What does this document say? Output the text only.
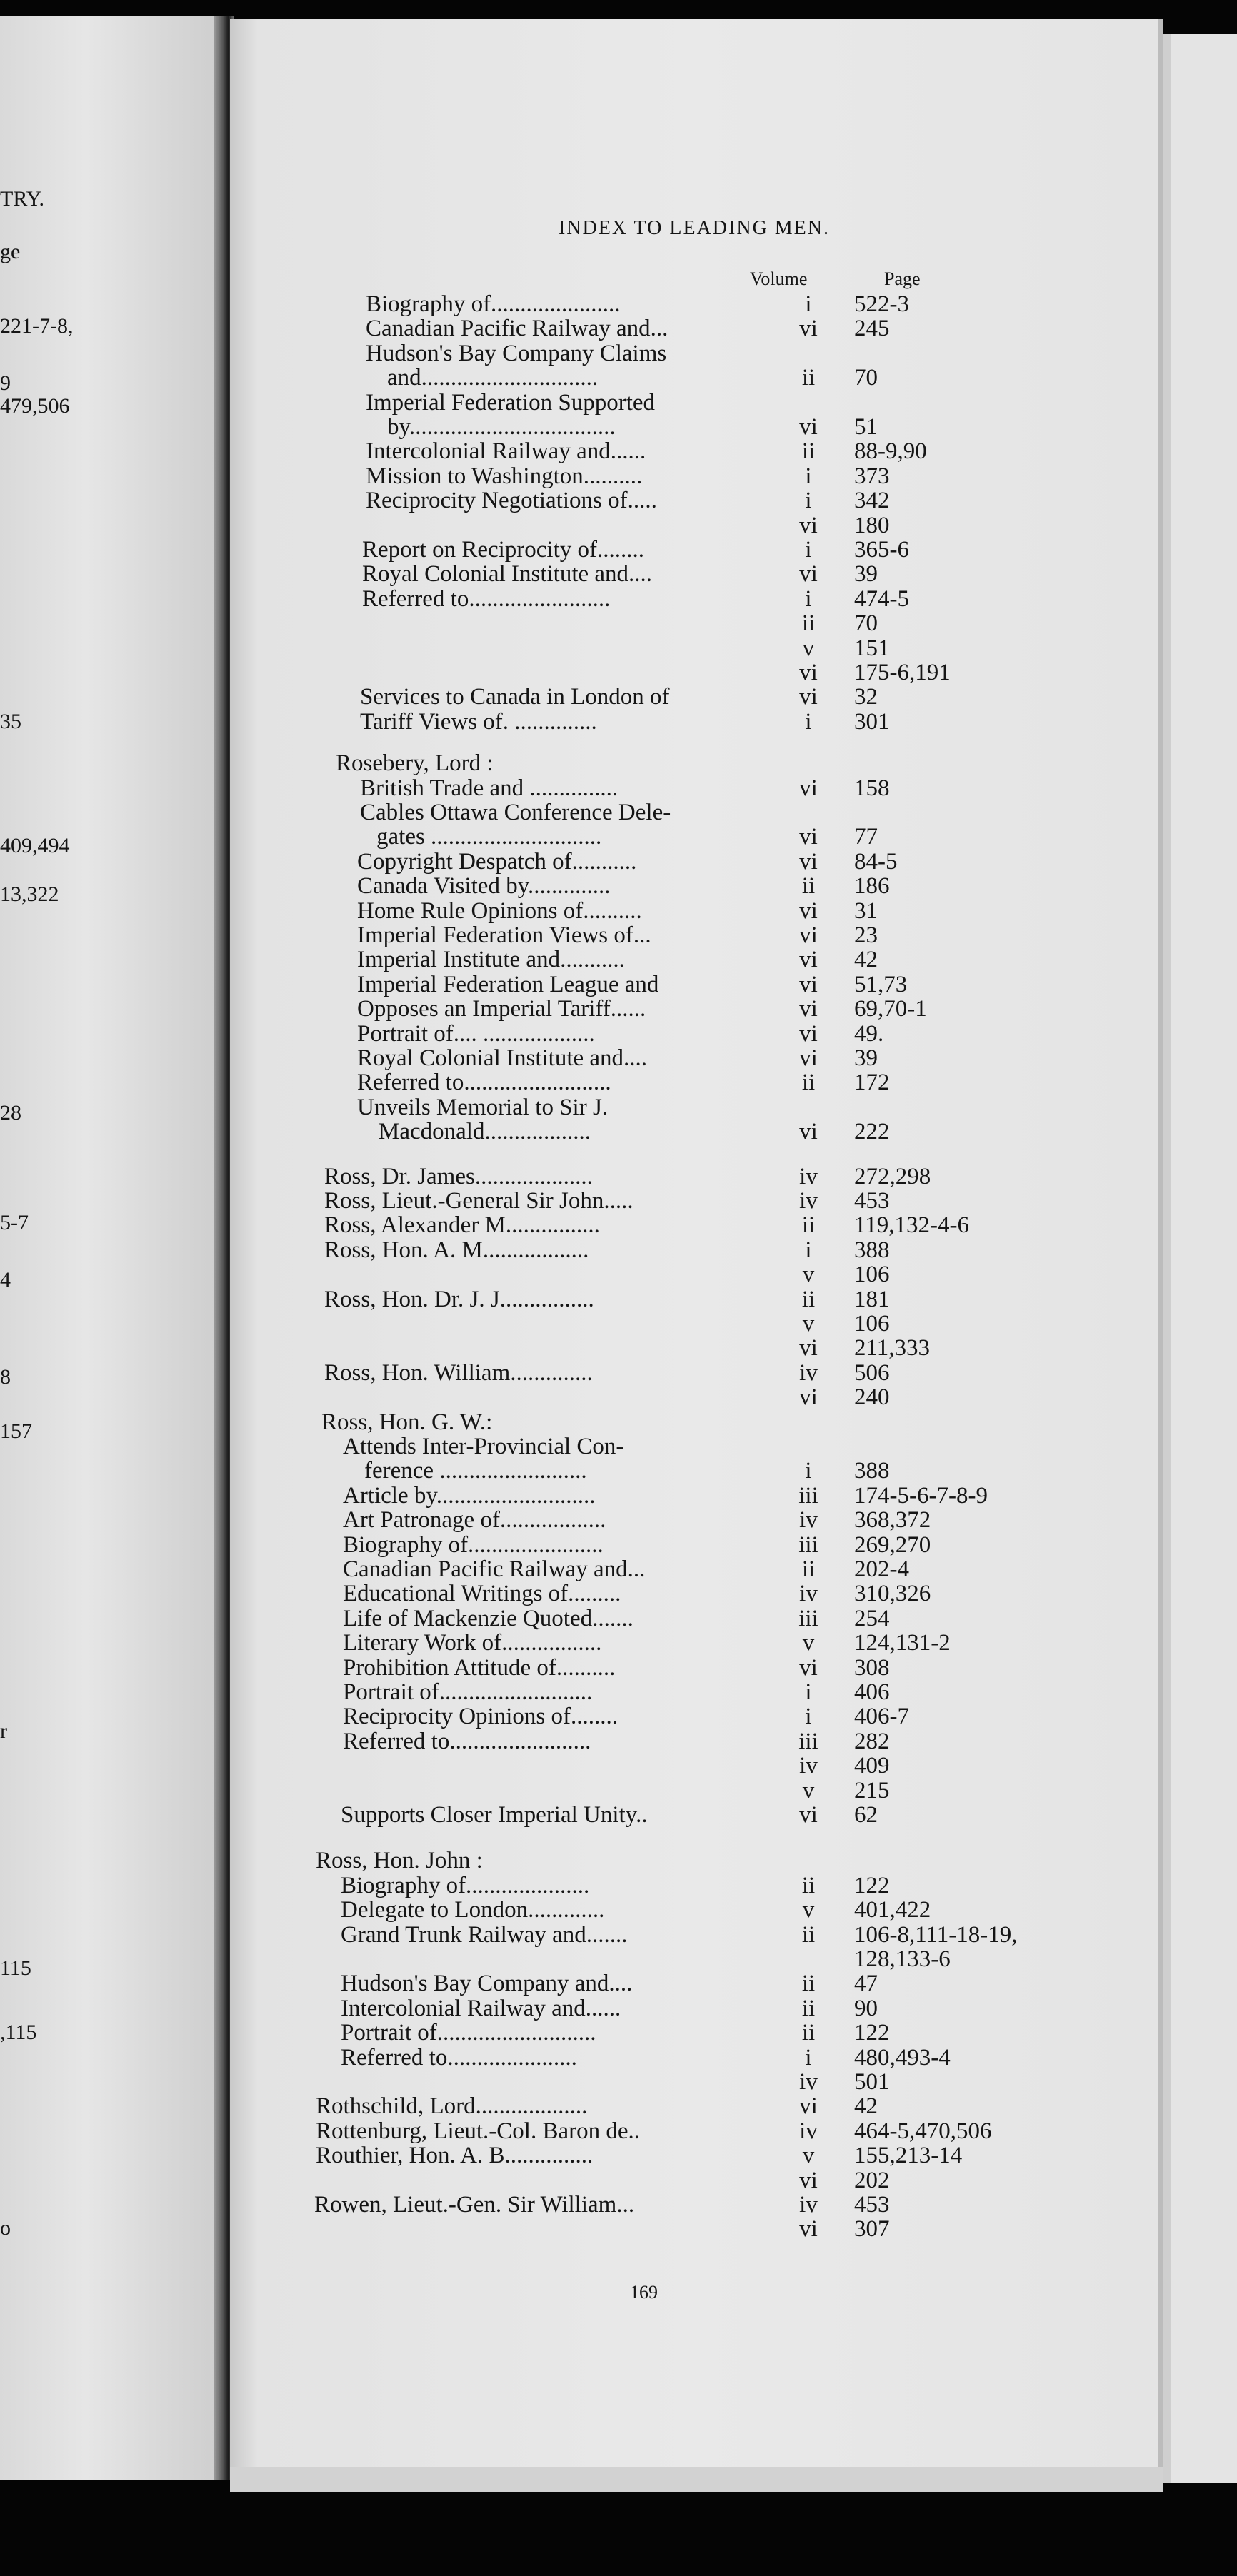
TRY.
ge
221-7-8,
9
479,506
35
409,494
13,322
28
5-7
4
8
157
r
115
,115
o
INDEX TO LEADING MEN.
Volume	Page
Biography of......................	i	522-3
Canadian Pacific Railway and...	vi	245
Hudson's Bay Company Claims
and..............................	ii	70
Imperial Federation Supported
by...................................	vi	51
Intercolonial Railway and......	ii	88-9,90
Mission to Washington..........	i	373
Reciprocity Negotiations of.....	i	342
vi	180
Report on Reciprocity of........	i	365-6
Royal Colonial Institute and....	vi	39
Referred to........................	i	474-5
ii	70
v	151
vi	175-6,191
Services to Canada in London of	vi	32
Tariff Views of. ..............	i	301
Rosebery, Lord :
British Trade and ...............	vi	158
Cables Ottawa Conference Dele-
gates .............................	vi	77
Copyright Despatch of...........	vi	84-5
Canada Visited by..............	ii	186
Home Rule Opinions of..........	vi	31
Imperial Federation Views of...	vi	23
Imperial Institute and...........	vi	42
Imperial Federation League and	vi	51,73
Opposes an Imperial Tariff......	vi	69,70-1
Portrait of.... ...................	vi	49.
Royal Colonial Institute and....	vi	39
Referred to.........................	ii	172
Unveils Memorial to Sir J.
Macdonald..................	vi	222
Ross, Dr. James....................	iv	272,298
Ross, Lieut.-General Sir John.....	iv	453
Ross, Alexander M................	ii	119,132-4-6
Ross, Hon. A. M..................	i	388
v	106
Ross, Hon. Dr. J. J................	ii	181
v	106
vi	211,333
Ross, Hon. William..............	iv	506
vi	240
Ross, Hon. G. W.:
Attends Inter-Provincial Con-
ference .........................	i	388
Article by...........................	iii	174-5-6-7-8-9
Art Patronage of..................	iv	368,372
Biography of.......................	iii	269,270
Canadian Pacific Railway and...	ii	202-4
Educational Writings of.........	iv	310,326
Life of Mackenzie Quoted.......	iii	254
Literary Work of.................	v	124,131-2
Prohibition Attitude of..........	vi	308
Portrait of..........................	i	406
Reciprocity Opinions of........	i	406-7
Referred to........................	iii	282
iv	409
v	215
Supports Closer Imperial Unity..	vi	62
Ross, Hon. John :
Biography of.....................	ii	122
Delegate to London.............	v	401,422
Grand Trunk Railway and.......	ii	106-8,111-18-19,
128,133-6
Hudson's Bay Company and....	ii	47
Intercolonial Railway and......	ii	90
Portrait of...........................	ii	122
Referred to......................	i	480,493-4
iv	501
Rothschild, Lord...................	vi	42
Rottenburg, Lieut.-Col. Baron de..	iv	464-5,470,506
Routhier, Hon. A. B...............	v	155,213-14
vi	202
Rowen, Lieut.-Gen. Sir William...	iv	453
vi	307
169
